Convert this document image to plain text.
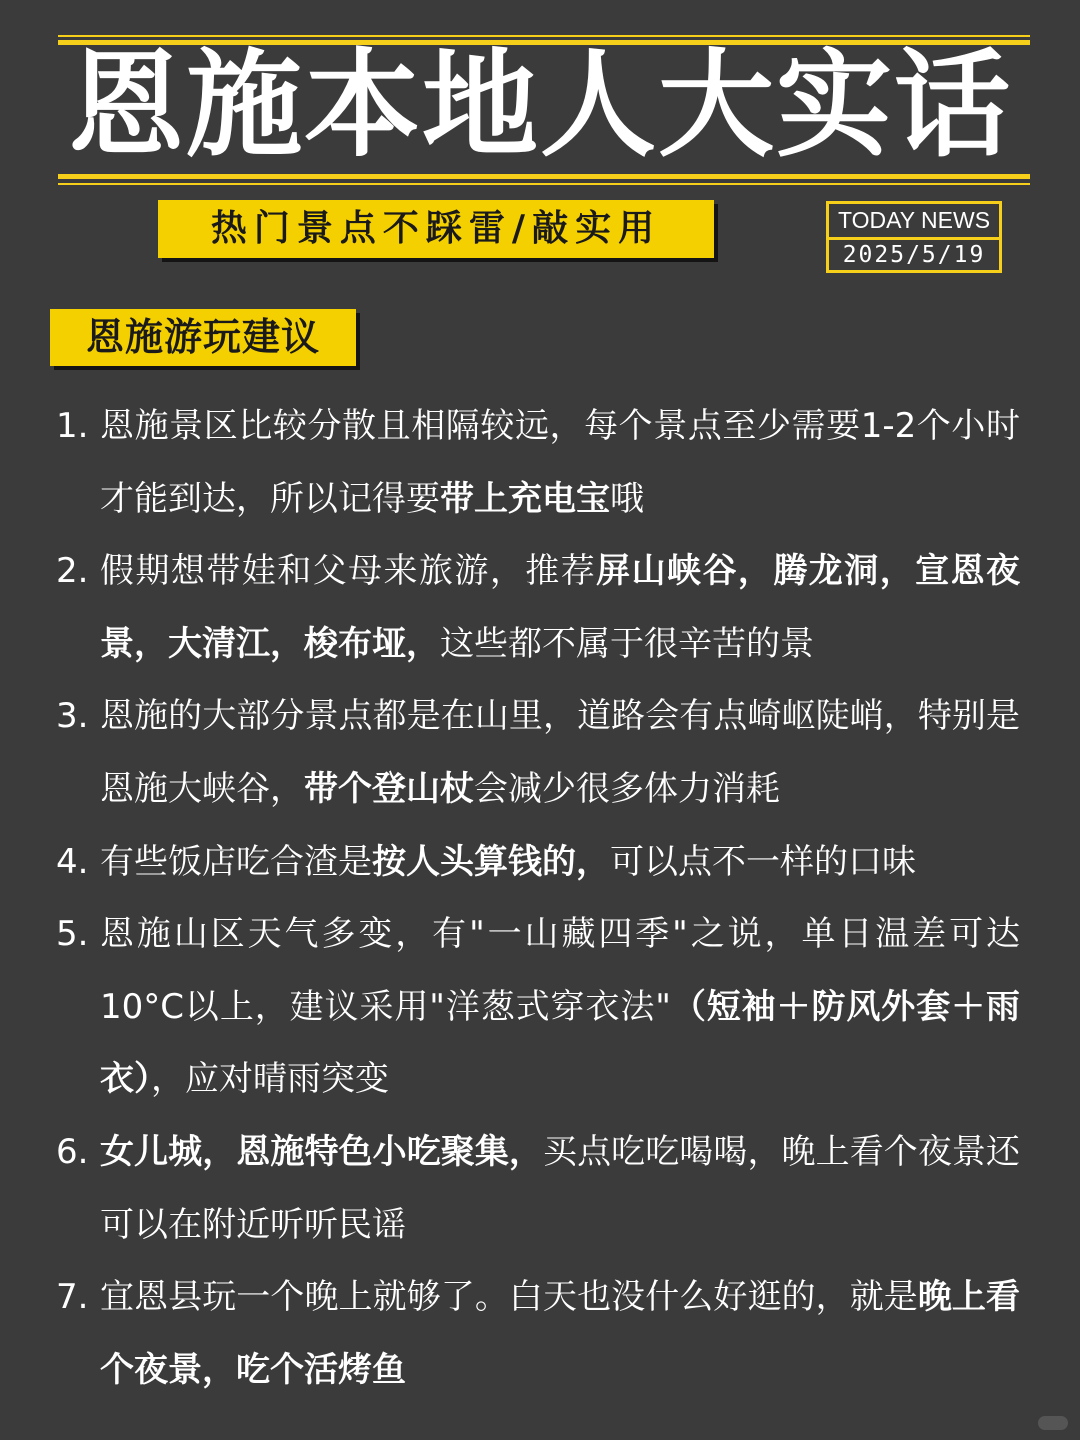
恩施本地人大实话
热门景点不踩雷/敲实用	TODAY NEWS
2025/5/19
恩施游玩建议
1. 恩施景区比较分散且相隔较远，每个景点至少需要1-2个小时才能到达，所以记得要带上充电宝哦
2. 假期想带娃和父母来旅游，推荐屏山峡谷，腾龙洞，宣恩夜景，大清江，梭布垭，这些都不属于很辛苦的景
3. 恩施的大部分景点都是在山里，道路会有点崎岖陡峭，特别是恩施大峡谷，带个登山杖会减少很多体力消耗
4. 有些饭店吃合渣是按人头算钱的，可以点不一样的口味
5. 恩施山区天气多变，有"一山藏四季"之说，单日温差可达10°C以上，建议采用"洋葱式穿衣法"（短袖＋防风外套＋雨衣），应对晴雨突变
6. 女儿城，恩施特色小吃聚集，买点吃吃喝喝，晚上看个夜景还可以在附近听听民谣
7. 宜恩县玩一个晚上就够了。白天也没什么好逛的，就是晚上看个夜景，吃个活烤鱼
